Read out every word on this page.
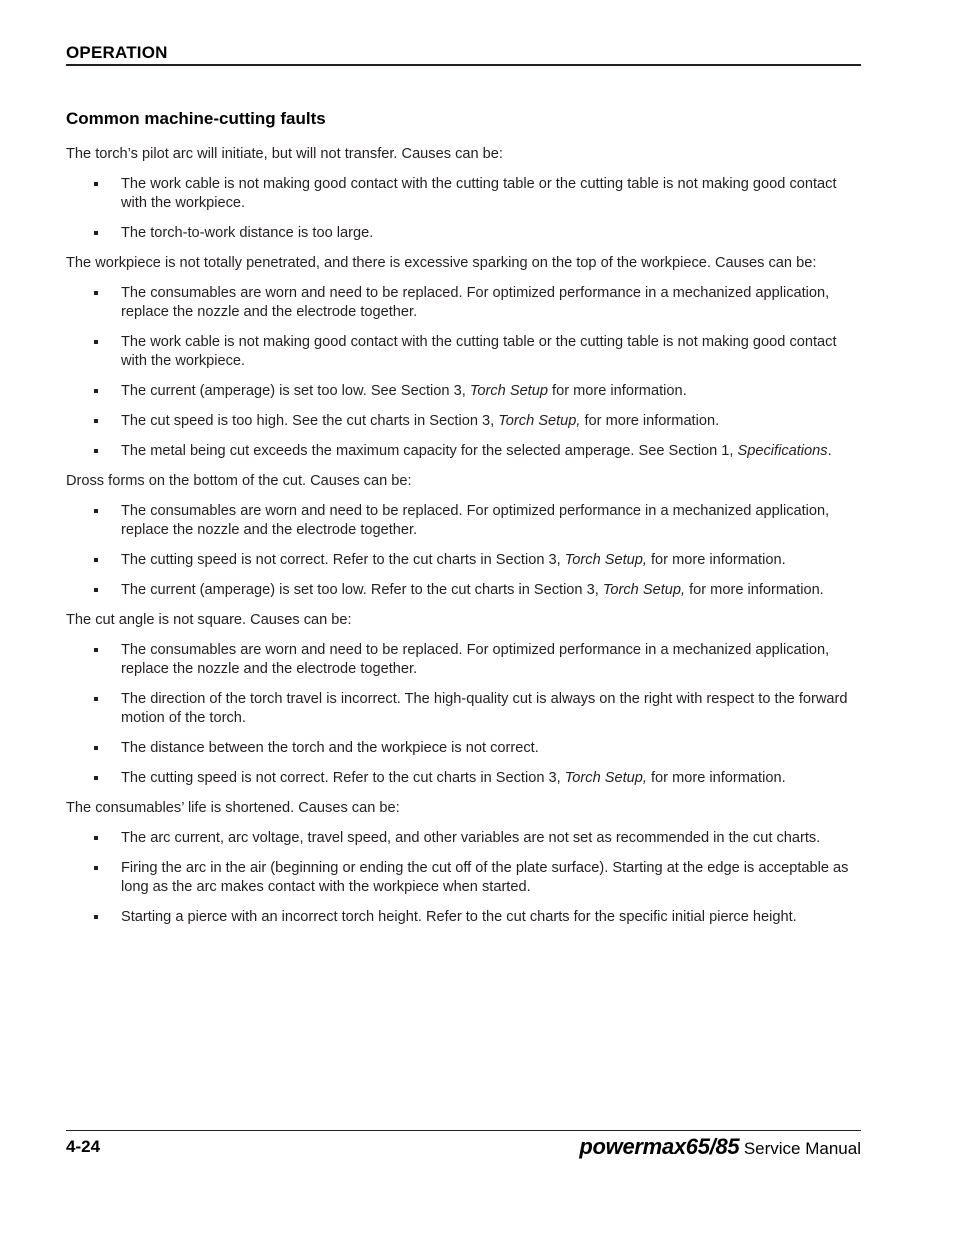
OPERATION
Common machine-cutting faults

The torch’s pilot arc will initiate, but will not transfer. Causes can be:

The work cable is not making good contact with the cutting table or the cutting table is not making good contact with the workpiece.
The torch-to-work distance is too large.

The workpiece is not totally penetrated, and there is excessive sparking on the top of the workpiece. Causes can be:

The consumables are worn and need to be replaced. For optimized performance in a mechanized application, replace the nozzle and the electrode together.
The work cable is not making good contact with the cutting table or the cutting table is not making good contact with the workpiece.
The current (amperage) is set too low. See Section 3, Torch Setup for more information.
The cut speed is too high. See the cut charts in Section 3, Torch Setup, for more information.
The metal being cut exceeds the maximum capacity for the selected amperage. See Section 1, Specifications.

Dross forms on the bottom of the cut. Causes can be:

The consumables are worn and need to be replaced. For optimized performance in a mechanized application, replace the nozzle and the electrode together.
The cutting speed is not correct. Refer to the cut charts in Section 3, Torch Setup, for more information.
The current (amperage) is set too low. Refer to the cut charts in Section 3, Torch Setup, for more information.

The cut angle is not square. Causes can be:

The consumables are worn and need to be replaced. For optimized performance in a mechanized application, replace the nozzle and the electrode together.
The direction of the torch travel is incorrect. The high-quality cut is always on the right with respect to the forward motion of the torch.
The distance between the torch and the workpiece is not correct.
The cutting speed is not correct. Refer to the cut charts in Section 3, Torch Setup, for more information.

The consumables’ life is shortened. Causes can be:

The arc current, arc voltage, travel speed, and other variables are not set as recommended in the cut charts.
Firing the arc in the air (beginning or ending the cut off of the plate surface). Starting at the edge is acceptable as long as the arc makes contact with the workpiece when started.
Starting a pierce with an incorrect torch height. Refer to the cut charts for the specific initial pierce height.
4-24	powermax65/85 Service Manual
